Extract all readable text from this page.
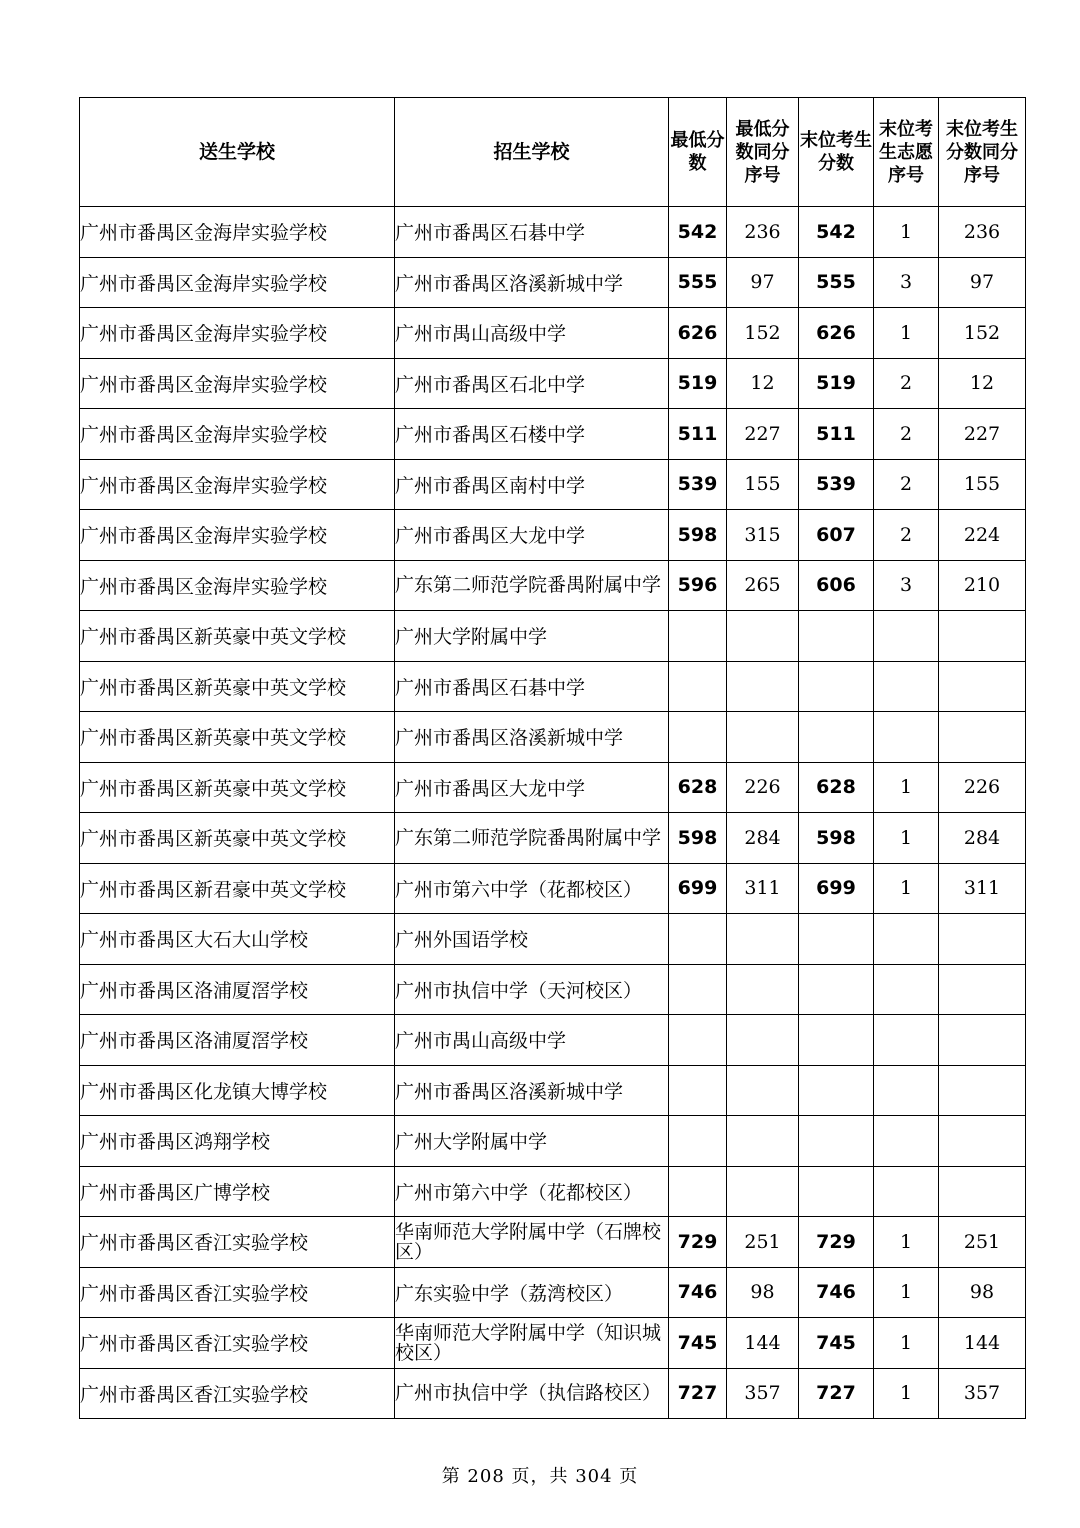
送生学校	招生学校	最低分数	最低分数同分序号	末位考生分数	末位考生志愿序号	末位考生分数同分序号
广州市番禺区金海岸实验学校	广州市番禺区石碁中学	542	236	542	1	236
广州市番禺区金海岸实验学校	广州市番禺区洛溪新城中学	555	97	555	3	97
广州市番禺区金海岸实验学校	广州市禺山高级中学	626	152	626	1	152
广州市番禺区金海岸实验学校	广州市番禺区石北中学	519	12	519	2	12
广州市番禺区金海岸实验学校	广州市番禺区石楼中学	511	227	511	2	227
广州市番禺区金海岸实验学校	广州市番禺区南村中学	539	155	539	2	155
广州市番禺区金海岸实验学校	广州市番禺区大龙中学	598	315	607	2	224
广州市番禺区金海岸实验学校	广东第二师范学院番禺附属中学	596	265	606	3	210
广州市番禺区新英豪中英文学校	广州大学附属中学					
广州市番禺区新英豪中英文学校	广州市番禺区石碁中学					
广州市番禺区新英豪中英文学校	广州市番禺区洛溪新城中学					
广州市番禺区新英豪中英文学校	广州市番禺区大龙中学	628	226	628	1	226
广州市番禺区新英豪中英文学校	广东第二师范学院番禺附属中学	598	284	598	1	284
广州市番禺区新君豪中英文学校	广州市第六中学（花都校区）	699	311	699	1	311
广州市番禺区大石大山学校	广州外国语学校					
广州市番禺区洛浦厦滘学校	广州市执信中学（天河校区）					
广州市番禺区洛浦厦滘学校	广州市禺山高级中学					
广州市番禺区化龙镇大博学校	广州市番禺区洛溪新城中学					
广州市番禺区鸿翔学校	广州大学附属中学					
广州市番禺区广博学校	广州市第六中学（花都校区）					
广州市番禺区香江实验学校	华南师范大学附属中学（石牌校区）	729	251	729	1	251
广州市番禺区香江实验学校	广东实验中学（荔湾校区）	746	98	746	1	98
广州市番禺区香江实验学校	华南师范大学附属中学（知识城校区）	745	144	745	1	144
广州市番禺区香江实验学校	广州市执信中学（执信路校区）	727	357	727	1	357
第 208 页，共 304 页
